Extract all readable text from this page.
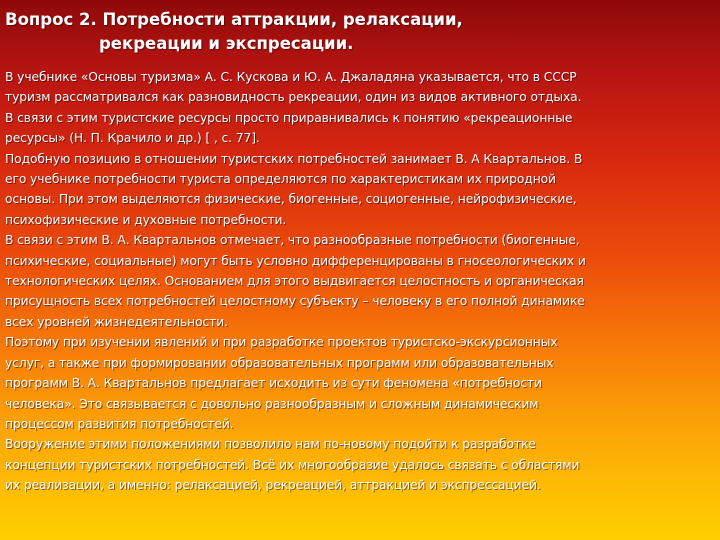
Вопрос 2. Потребности аттракции, релаксации,
рекреации и экспресации.
В учебнике «Основы туризма» А. С. Кускова и Ю. А. Джаладяна указывается, что в СССР
туризм рассматривался как разновидность рекреации, один из видов активного отдыха.
В связи с этим туристские ресурсы просто приравнивались к понятию «рекреационные
ресурсы» (Н. П. Крачило и др.) [ , с. 77].
Подобную позицию в отношении туристских потребностей занимает В. А Квартальнов. В
его учебнике потребности туриста определяются по характеристикам их природной
основы. При этом выделяются физические, биогенные, социогенные, нейрофизические,
психофизические и духовные потребности.
В связи с этим В. А. Квартальнов отмечает, что разнообразные потребности (биогенные,
психические, социальные) могут быть условно дифференцированы в гносеологических и
технологических целях. Основанием для этого выдвигается целостность и органическая
присущность всех потребностей целостному субъекту – человеку в его полной динамике
всех уровней жизнедеятельности.
Поэтому при изучении явлений и при разработке проектов туристско-экскурсионных
услуг, а также при формировании образовательных программ или образовательных
программ В. А. Квартальнов предлагает исходить из сути феномена «потребности
человека». Это связывается с довольно разнообразным и сложным динамическим
процессом развития потребностей.
Вооружение этими положениями позволило нам по-новому подойти к разработке
концепции туристских потребностей. Всё их многообразие удалось связать с областями
их реализации, а именно: релаксацией, рекреацией, аттракцией и экспрессацией.
